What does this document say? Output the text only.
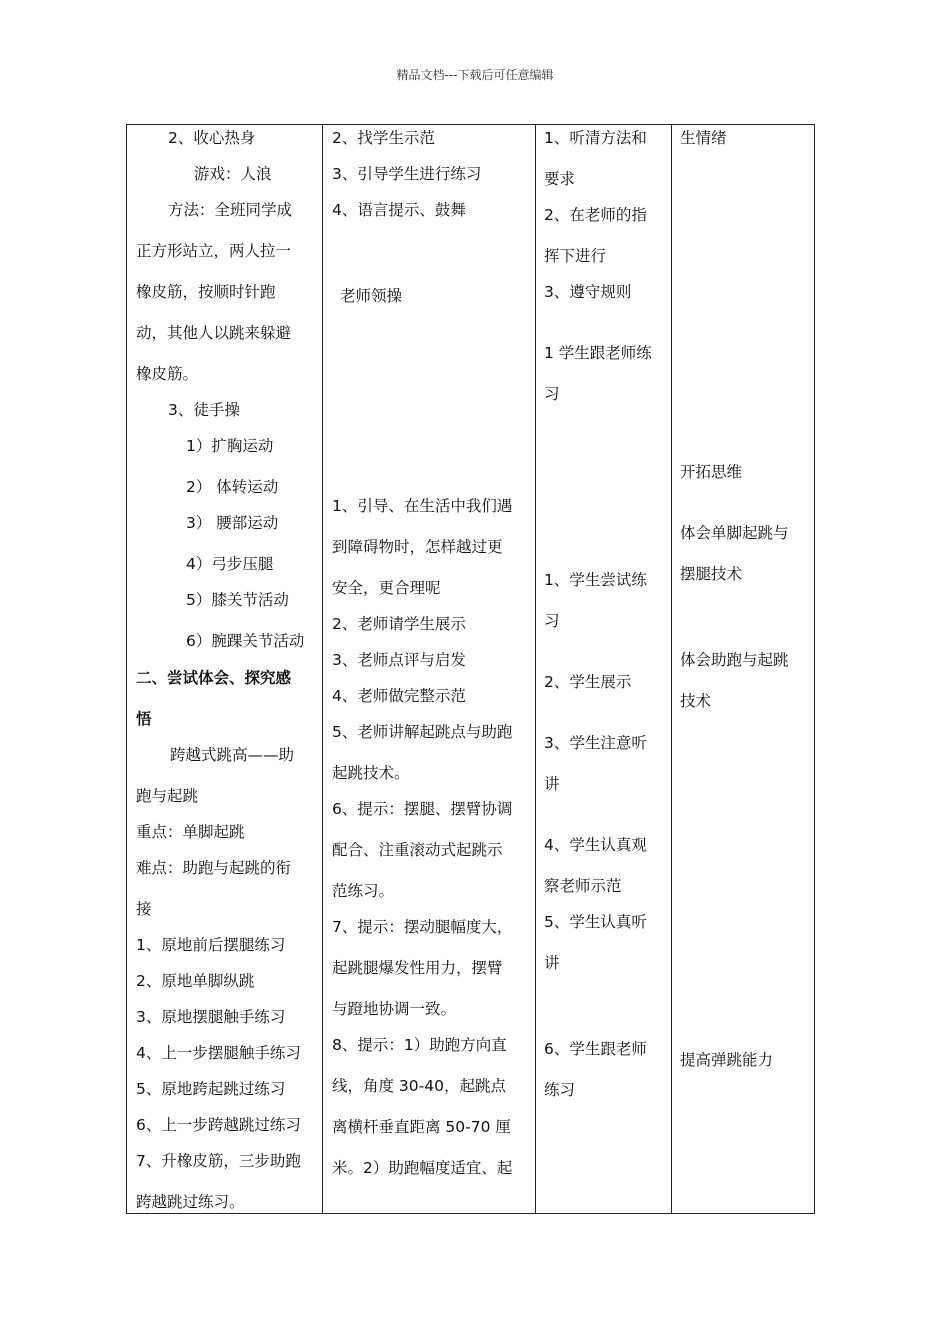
精品文档---下载后可任意编辑
2、收心热身
游戏：人浪
方法：全班同学成
正方形站立，两人拉一
橡皮筋，按顺时针跑
动，其他人以跳来躲避
橡皮筋。
3、徒手操
1）扩胸运动
2） 体转运动
3） 腰部运动
4）弓步压腿
5）膝关节活动
6）腕踝关节活动
二、尝试体会、探究感
悟
跨越式跳高——助
跑与起跳
重点：单脚起跳
难点：助跑与起跳的衔
接
1、原地前后摆腿练习
2、原地单脚纵跳
3、原地摆腿触手练习
4、上一步摆腿触手练习
5、原地跨起跳过练习
6、上一步跨越跳过练习
7、升橡皮筋，三步助跑
跨越跳过练习。
2、找学生示范
3、引导学生进行练习
4、语言提示、鼓舞
老师领操
1、引导、在生活中我们遇
到障碍物时，怎样越过更
安全，更合理呢
2、老师请学生展示
3、老师点评与启发
4、老师做完整示范
5、老师讲解起跳点与助跑
起跳技术。
6、提示：摆腿、摆臂协调
配合、注重滚动式起跳示
范练习。
7、提示：摆动腿幅度大，
起跳腿爆发性用力，摆臂
与蹬地协调一致。
8、提示：1）助跑方向直
线，角度 30-40，起跳点
离横杆垂直距离 50-70 厘
米。2）助跑幅度适宜、起
1、听清方法和
要求
2、在老师的指
挥下进行
3、遵守规则
1 学生跟老师练
习
1、学生尝试练
习
2、学生展示
3、学生注意听
讲
4、学生认真观
察老师示范
5、学生认真听
讲
6、学生跟老师
练习
生情绪
开拓思维
体会单脚起跳与
摆腿技术
体会助跑与起跳
技术
提高弹跳能力
